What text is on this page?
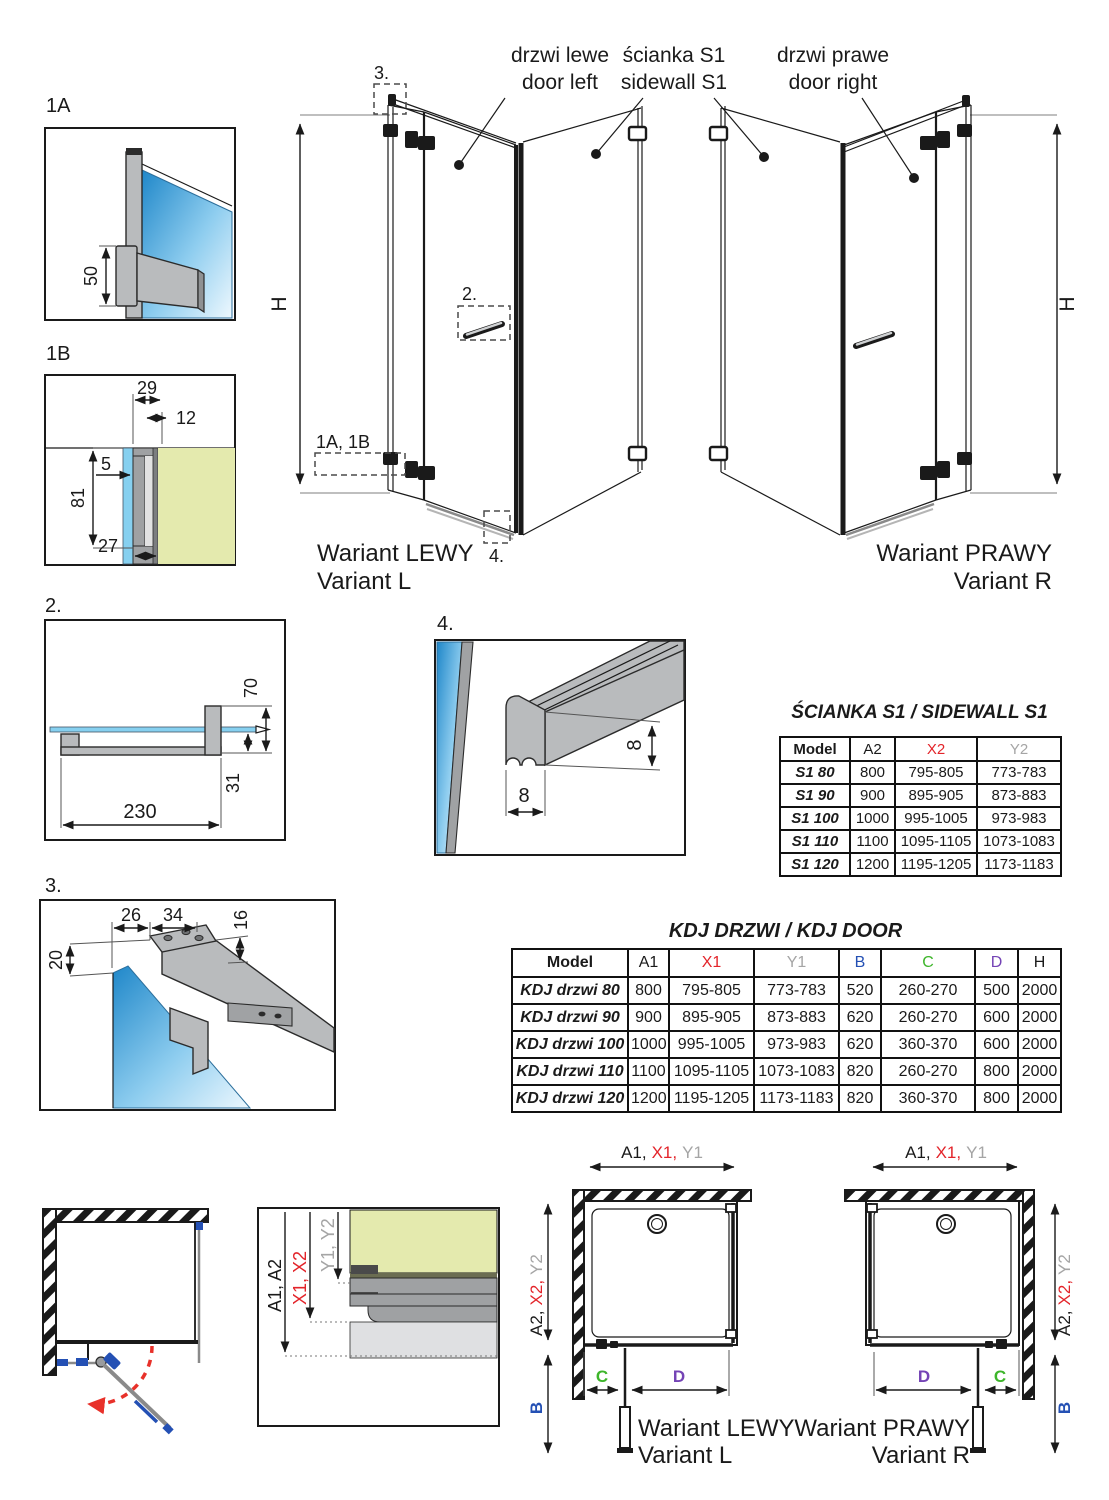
1A
50
1B
29
12
5
81
27
2.
70
31
230
3.
26 34	16
20
4.
8
8
drzwi lewe
door left
ścianka S1
sidewall S1
drzwi prawe
door right
H	2.
3.
1A, 1B
4.
Wariant LEWY
Variant L
H
Wariant PRAWY
Variant R
A1, A2 X1, X2
Y1, Y2
A1, X1, Y1
C	D
A2,X2,Y2
B
Wariant LEWY
Variant L
A1, X1, Y1
D	C
A2,X2,Y2
B
Wariant PRAWY
Variant R
ŚCIANKA S1 / SIDEWALL S1
Model	A2	X2	Y2
S1 80	800	795-805	773-783
S1 90	900	895-905	873-883
S1 100	1000	995-1005	973-983
S1 110	1100	1095-1105	1073-1083
S1 120	1200	1195-1205	1173-1183
KDJ DRZWI / KDJ DOOR
Model	A1	X1	Y1	B	C	D	H
KDJ drzwi 80	800	795-805	773-783	520	260-270	500	2000
KDJ drzwi 90	900	895-905	873-883	620	260-270	600	2000
KDJ drzwi 100	1000	995-1005	973-983	620	360-370	600	2000
KDJ drzwi 110	1100	1095-1105	1073-1083	820	260-270	800	2000
KDJ drzwi 120	1200	1195-1205	1173-1183	820	360-370	800	2000
